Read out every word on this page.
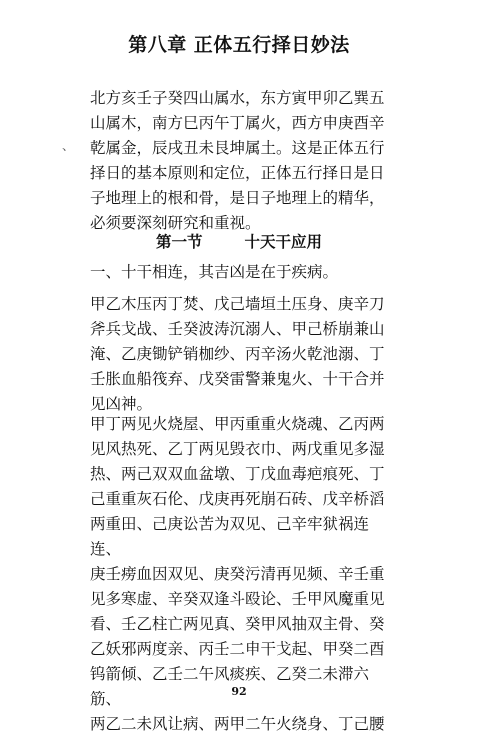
第八章 正体五行择日妙法
、

北方亥壬子癸四山属水，东方寅甲卯乙巽五

山属木，南方巳丙午丁属火，西方申庚酉辛

乾属金，辰戌丑未艮坤属土。这是正体五行

择日的基本原则和定位，正体五行择日是日

子地理上的根和骨，是日子地理上的精华，

必须要深刻研究和重视。

第一节	十天干应用

一、十干相连，其吉凶是在于疾病。

甲乙木压丙丁焚、戊己墙垣土压身、庚辛刀

斧兵戈战、壬癸波涛沉溺人、甲己桥崩兼山

淹、乙庚锄铲销枷纱、丙辛汤火乾池溺、丁

壬胀血船筏弃、戊癸雷警兼鬼火、十干合并

见凶神。

甲丁两见火烧屋、甲丙重重火烧魂、乙丙两

见风热死、乙丁两见毁衣巾、两戊重见多湿

热、两己双双血盆墩、丁戊血毒疤痕死、丁

己重重灰石伦、戊庚再死崩石砖、戊辛桥滔

两重田、己庚讼苦为双见、己辛牢狱祸连连、

庚壬痨血因双见、庚癸污清再见频、辛壬重

见多寒虚、辛癸双逢斗殴论、壬甲风魔重见

看、壬乙柱亡两见真、癸甲风抽双主骨、癸

乙妖邪两度亲、丙壬二申干戈起、甲癸二酉

钨箭倾、乙壬二午风痰疾、乙癸二未滞六筋、

两乙二未风让病、两甲二午火绕身、丁己腰

92
